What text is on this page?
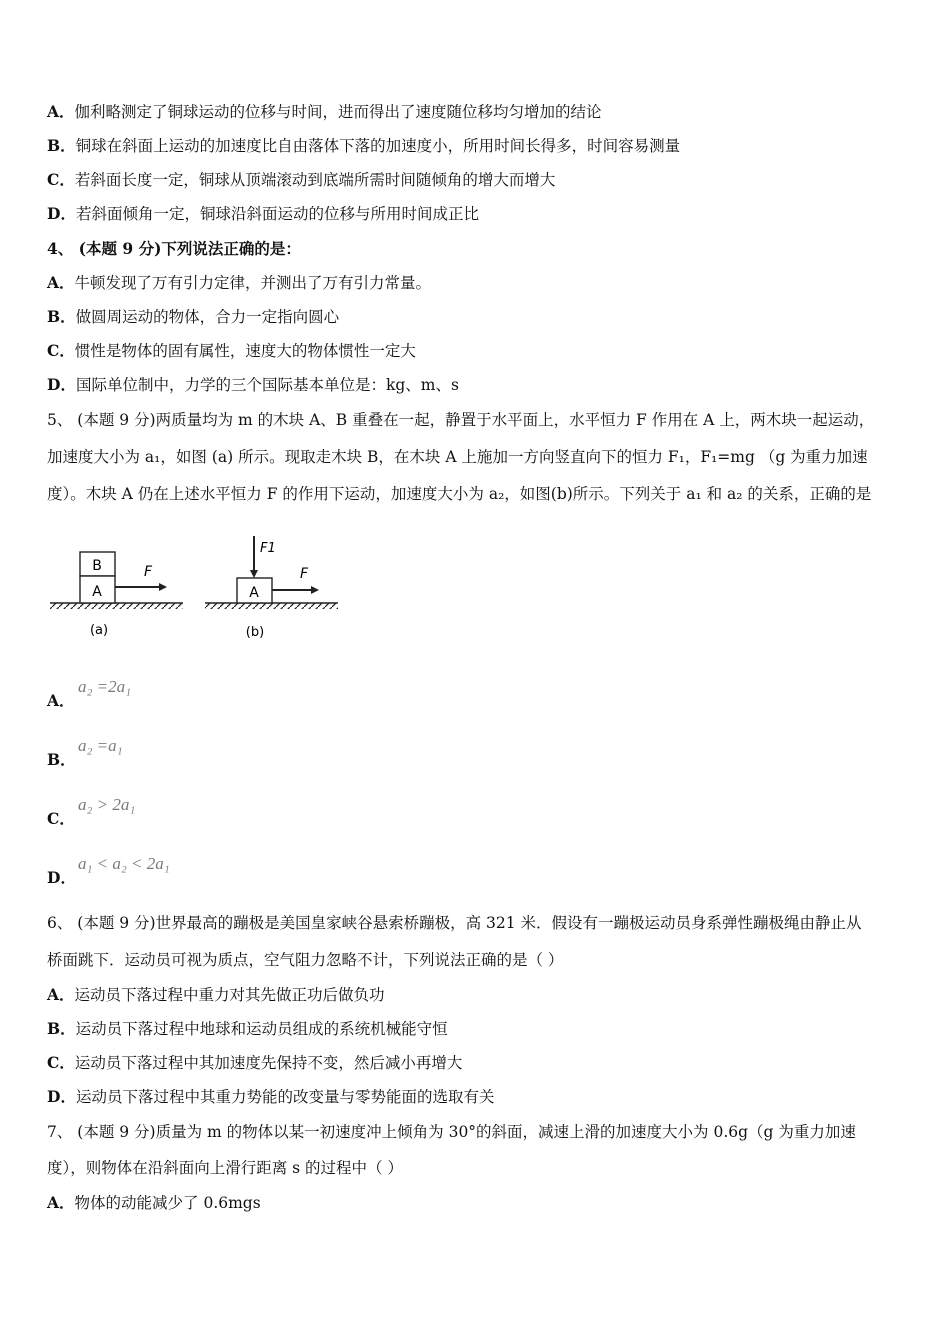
A．伽利略测定了铜球运动的位移与时间，进而得出了速度随位移均匀增加的结论
B．铜球在斜面上运动的加速度比自由落体下落的加速度小，所用时间长得多，时间容易测量
C．若斜面长度一定，铜球从顶端滚动到底端所需时间随倾角的增大而增大
D．若斜面倾角一定，铜球沿斜面运动的位移与所用时间成正比
4、 (本题 9 分)下列说法正确的是：
A．牛顿发现了万有引力定律，并测出了万有引力常量。
B．做圆周运动的物体，合力一定指向圆心
C．惯性是物体的固有属性，速度大的物体惯性一定大
D．国际单位制中，力学的三个国际基本单位是：kg、m、s
5、 (本题 9 分)两质量均为 m 的木块 A、B 重叠在一起，静置于水平面上，水平恒力 F 作用在 A 上，两木块一起运动，
加速度大小为 a₁，如图 (a) 所示。现取走木块 B，在木块 A 上施加一方向竖直向下的恒力 F₁，F₁=mg （g 为重力加速
度）。木块 A 仍在上述水平恒力 F 的作用下运动，加速度大小为 a₂，如图(b)所示。下列关于 a₁ 和 a₂ 的关系，正确的是
B
A
F
(a)
A
F1
F
(b)
A．
a₂ =2a₁
B．
a₂ =a₁
C．
a₂ > 2a₁
D．
a₁ < a₂ < 2a₁
6、 (本题 9 分)世界最高的蹦极是美国皇家峡谷悬索桥蹦极，高 321 米．假设有一蹦极运动员身系弹性蹦极绳由静止从
桥面跳下．运动员可视为质点，空气阻力忽略不计，下列说法正确的是（ ）
A．运动员下落过程中重力对其先做正功后做负功
B．运动员下落过程中地球和运动员组成的系统机械能守恒
C．运动员下落过程中其加速度先保持不变，然后减小再增大
D．运动员下落过程中其重力势能的改变量与零势能面的选取有关
7、 (本题 9 分)质量为 m 的物体以某一初速度冲上倾角为 30°的斜面，减速上滑的加速度大小为 0.6g（g 为重力加速
度），则物体在沿斜面向上滑行距离 s 的过程中（ ）
A．物体的动能减少了 0.6mgs
